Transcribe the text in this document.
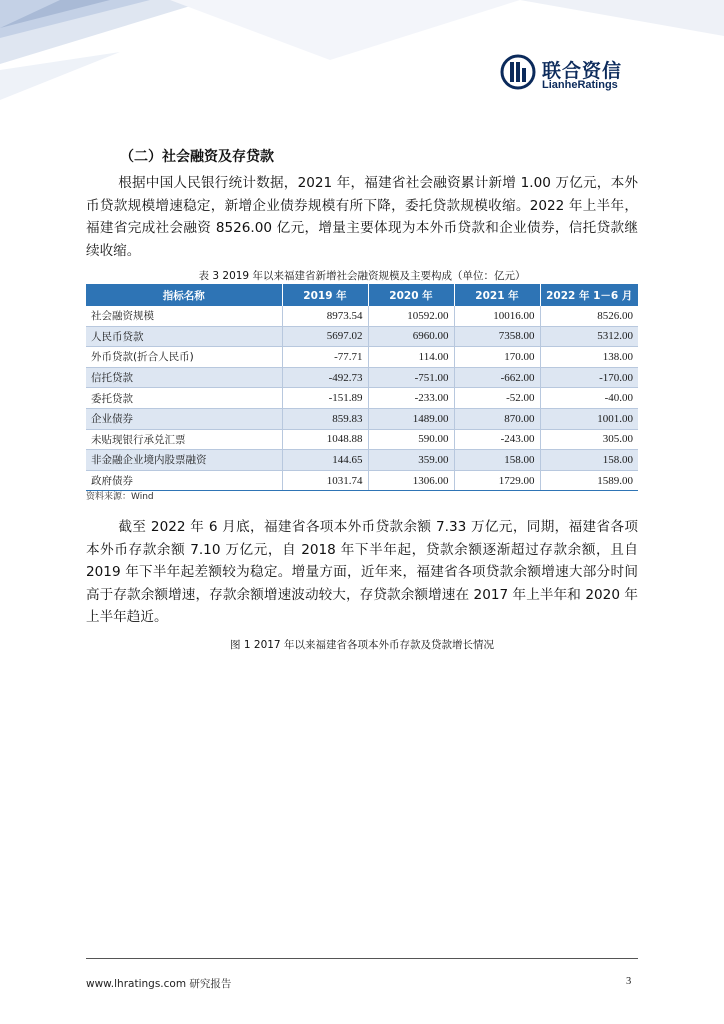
联合资信
LianheRatings
（二）社会融资及存贷款
根据中国人民银行统计数据，2021 年，福建省社会融资累计新增 1.00 万亿元，本外币贷款规模增速稳定，新增企业债券规模有所下降，委托贷款规模收缩。2022 年上半年，福建省完成社会融资 8526.00 亿元，增量主要体现为本外币贷款和企业债券，信托贷款继续收缩。
表 3 2019 年以来福建省新增社会融资规模及主要构成（单位：亿元）
指标名称	2019 年	2020 年	2021 年	2022 年 1－6 月
社会融资规模	8973.54	10592.00	10016.00	8526.00
人民币贷款	5697.02	6960.00	7358.00	5312.00
外币贷款(折合人民币)	-77.71	114.00	170.00	138.00
信托贷款	-492.73	-751.00	-662.00	-170.00
委托贷款	-151.89	-233.00	-52.00	-40.00
企业债券	859.83	1489.00	870.00	1001.00
未贴现银行承兑汇票	1048.88	590.00	-243.00	305.00
非金融企业境内股票融资	144.65	359.00	158.00	158.00
政府债券	1031.74	1306.00	1729.00	1589.00
资料来源：Wind
截至 2022 年 6 月底，福建省各项本外币贷款余额 7.33 万亿元，同期，福建省各项本外币存款余额 7.10 万亿元，自 2018 年下半年起，贷款余额逐渐超过存款余额，且自 2019 年下半年起差额较为稳定。增量方面，近年来，福建省各项贷款余额增速大部分时间高于存款余额增速，存款余额增速波动较大，存贷款余额增速在 2017 年上半年和 2020 年上半年趋近。
图 1 2017 年以来福建省各项本外币存款及贷款增长情况
www.lhratings.com 研究报告	3
